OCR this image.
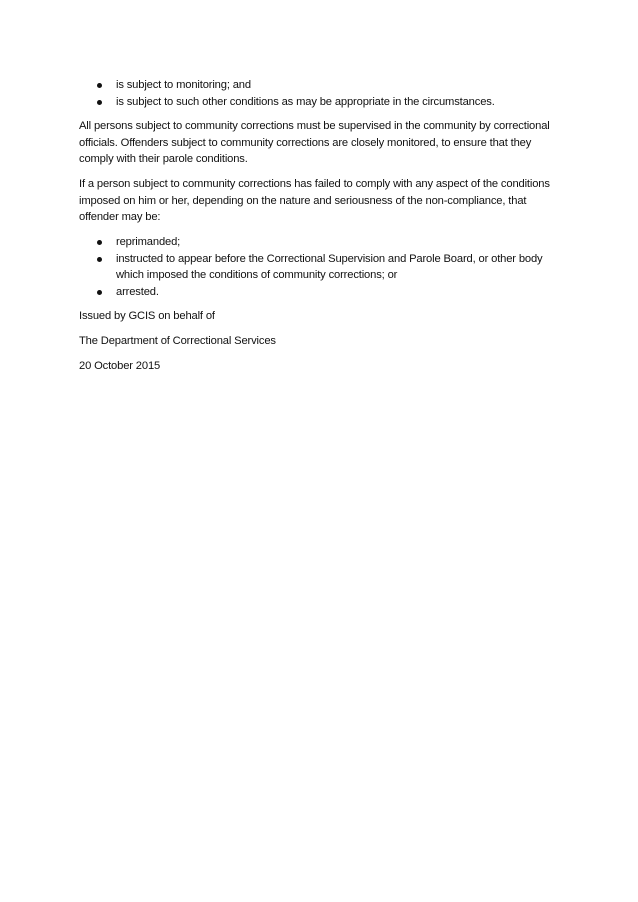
is subject to monitoring; and
is subject to such other conditions as may be appropriate in the circumstances.

All persons subject to community corrections must be supervised in the community by correctional officials. Offenders subject to community corrections are closely monitored, to ensure that they comply with their parole conditions.

If a person subject to community corrections has failed to comply with any aspect of the conditions imposed on him or her, depending on the nature and seriousness of the non-compliance, that offender may be:

reprimanded;
instructed to appear before the Correctional Supervision and Parole Board, or other body which imposed the conditions of community corrections; or
arrested.

Issued by GCIS on behalf of

The Department of Correctional Services

20 October 2015
